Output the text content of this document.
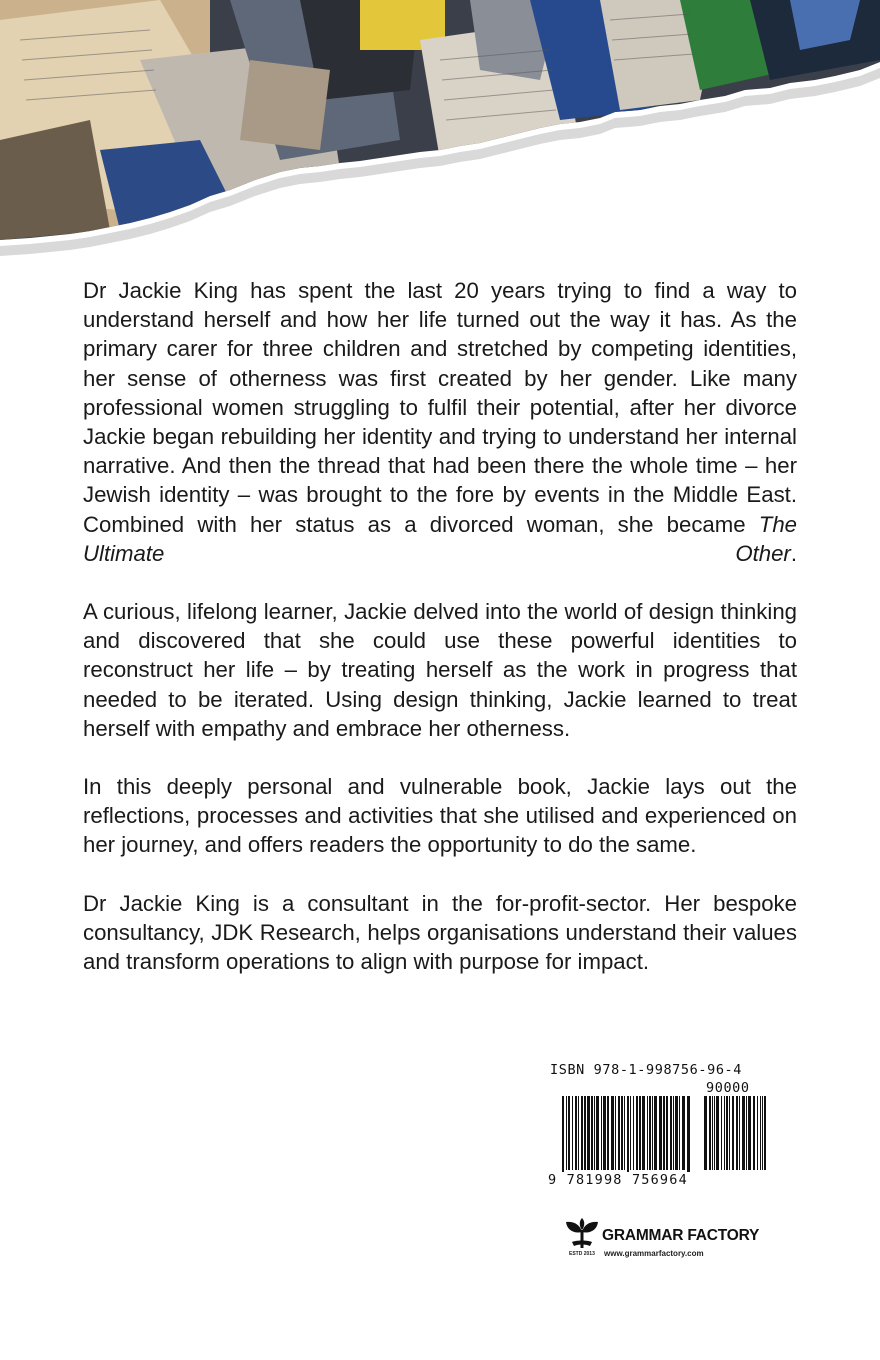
Dr Jackie King has spent the last 20 years trying to find a way to understand herself and how her life turned out the way it has. As the primary carer for three children and stretched by competing identities, her sense of otherness was first created by her gender. Like many professional women struggling to fulfil their potential, after her divorce Jackie began rebuilding her identity and trying to understand her internal narrative. And then the thread that had been there the whole time – her Jewish identity – was brought to the fore by events in the Middle East. Combined with her status as a divorced woman, she became The Ultimate Other.

A curious, lifelong learner, Jackie delved into the world of design thinking and discovered that she could use these powerful identities to reconstruct her life – by treating herself as the work in progress that needed to be iterated. Using design thinking, Jackie learned to treat herself with empathy and embrace her otherness.

In this deeply personal and vulnerable book, Jackie lays out the reflections, processes and activities that she utilised and experienced on her journey, and offers readers the opportunity to do the same.

Dr Jackie King is a consultant in the for-profit-sector. Her bespoke consultancy, JDK Research, helps organisations understand their values and transform operations to align with purpose for impact.

ISBN 978-1-998756-96-4
90000
9 781998 756964
ESTD 2013
GRAMMAR FACTORY
www.grammarfactory.com
